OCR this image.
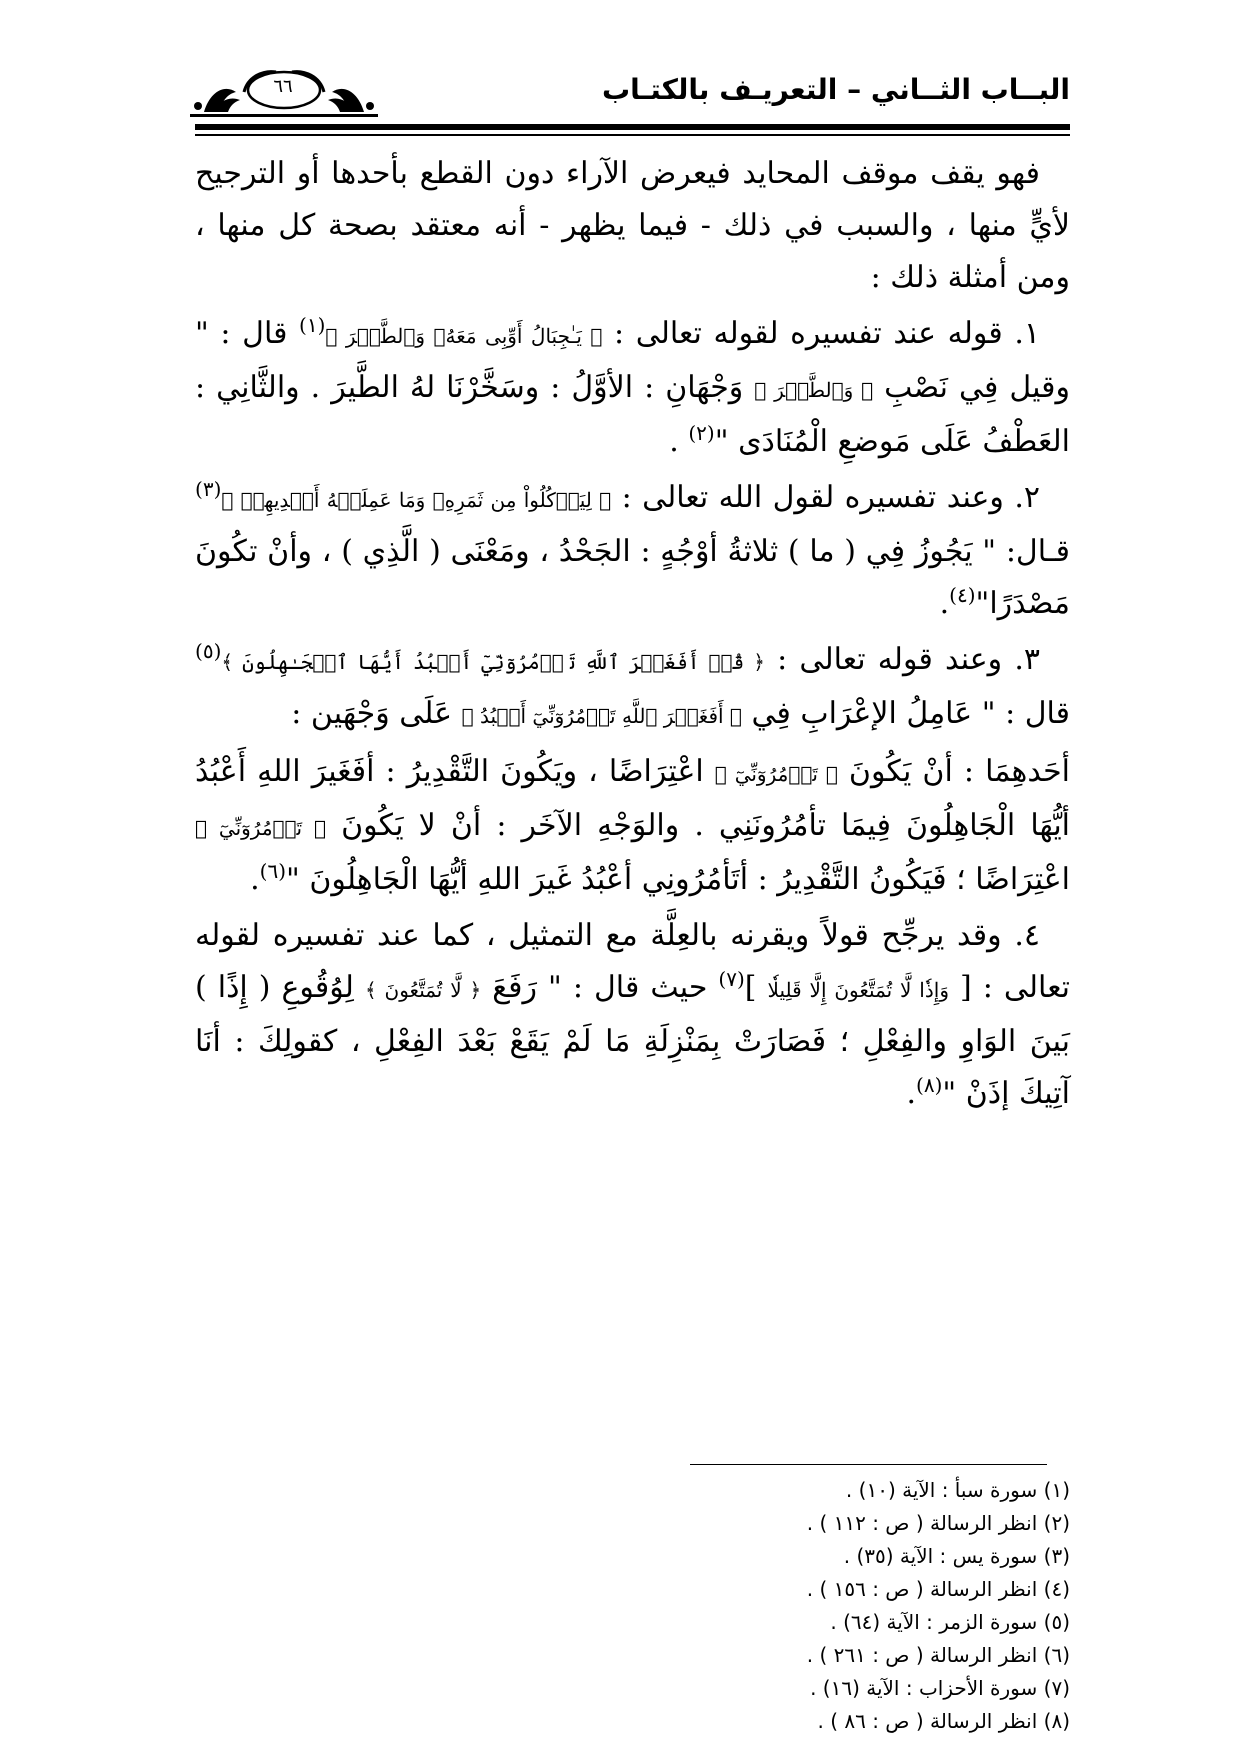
البــاب الثــاني – التعريـف بالكتـاب
٦٦

فهو يقف موقف المحايد فيعرض الآراء دون القطع بأحدها أو الترجيح لأيٍّ منها ، والسبب في ذلك - فيما يظهر - أنه معتقد بصحة كل منها ، ومن أمثلة ذلك :

١. قوله عند تفسيره لقوله تعالى : ﴿ يَـٰجِبَالُ أَوِّبِى مَعَهُۥ وَٱلطَّيۡرَ ﴾$^{(١)}$ قال : " وقيل فِي نَصْبِ ﴿ وَٱلطَّيۡرَ ﴾ وَجْهَانِ : الأوَّلُ : وسَخَّرْنَا لهُ الطَّيرَ . والثَّانِي : العَطْفُ عَلَى مَوضعِ الْمُنَادَى "$^{(٢)}$ .

٢. وعند تفسيره لقول الله تعالى : ﴿ لِيَأۡكُلُواْ مِن ثَمَرِهِۦ وَمَا عَمِلَتۡهُ أَيۡدِيهِمۡ ﴾$^{(٣)}$ قـال: " يَجُوزُ فِي ( ما ) ثلاثةُ أوْجُهٍ : الجَحْدُ ، ومَعْنَى ( الَّذِي ) ، وأنْ تكُونَ مَصْدَرًا"$^{(٤)}$.

٣. وعند قوله تعالى : ﴿ قُلۡ أَفَغَيۡرَ ٱللَّهِ تَأۡمُرُوٓنِّيٓ أَعۡبُدُ أَيُّهَا ٱلۡجَـٰهِلُونَ ﴾$^{(٥)}$ قال : " عَامِلُ الإعْرَابِ فِي ﴿ أَفَغَيۡرَ ٱللَّهِ تَأۡمُرُوٓنِّيٓ أَعۡبُدُ ﴾ عَلَى وَجْهَين :

أحَدهِمَا : أنْ يَكُونَ ﴿ تَأۡمُرُوٓنِّيٓ ﴾ اعْتِرَاضًا ، ويَكُونَ التَّقْدِيرُ : أفَغَيرَ اللهِ أَعْبُدُ أيُّهَا الْجَاهِلُونَ فِيمَا تأمُرُونَنِي . والوَجْهِ الآخَر : أنْ لا يَكُونَ ﴿ تَأۡمُرُوٓنِّيٓ ﴾ اعْتِرَاضًا ؛ فَيَكُونُ التَّقْدِيرُ : أتَأمُرُونِي أعْبُدُ غَيرَ اللهِ أيُّهَا الْجَاهِلُونَ "$^{(٦)}$.

٤. وقد يرجِّح قولاً ويقرنه بالعِلَّة مع التمثيل ، كما عند تفسيره لقوله تعالى : [ وَإِذٗا لَّا تُمَتَّعُونَ إِلَّا قَلِيلٗا ]$^{(٧)}$ حيث قال : " رَفَعَ ﴿ لَّا تُمَتَّعُونَ ﴾ لِوُقُوعِ ( إِذًا ) بَينَ الوَاوِ والفِعْلِ ؛ فَصَارَتْ بِمَنْزِلَةِ مَا لَمْ يَقَعْ بَعْدَ الفِعْلِ ، كقولِكَ : أنَا آتِيكَ إذَنْ "$^{(٨)}$.

(١) سورة سبأ : الآية (١٠) .
(٢) انظر الرسالة ( ص : ١١٢ ) .
(٣) سورة يس : الآية (٣٥) .
(٤) انظر الرسالة ( ص : ١٥٦ ) .
(٥) سورة الزمر : الآية (٦٤) .
(٦) انظر الرسالة ( ص : ٢٦١ ) .
(٧) سورة الأحزاب : الآية (١٦) .
(٨) انظر الرسالة ( ص : ٨٦ ) .
